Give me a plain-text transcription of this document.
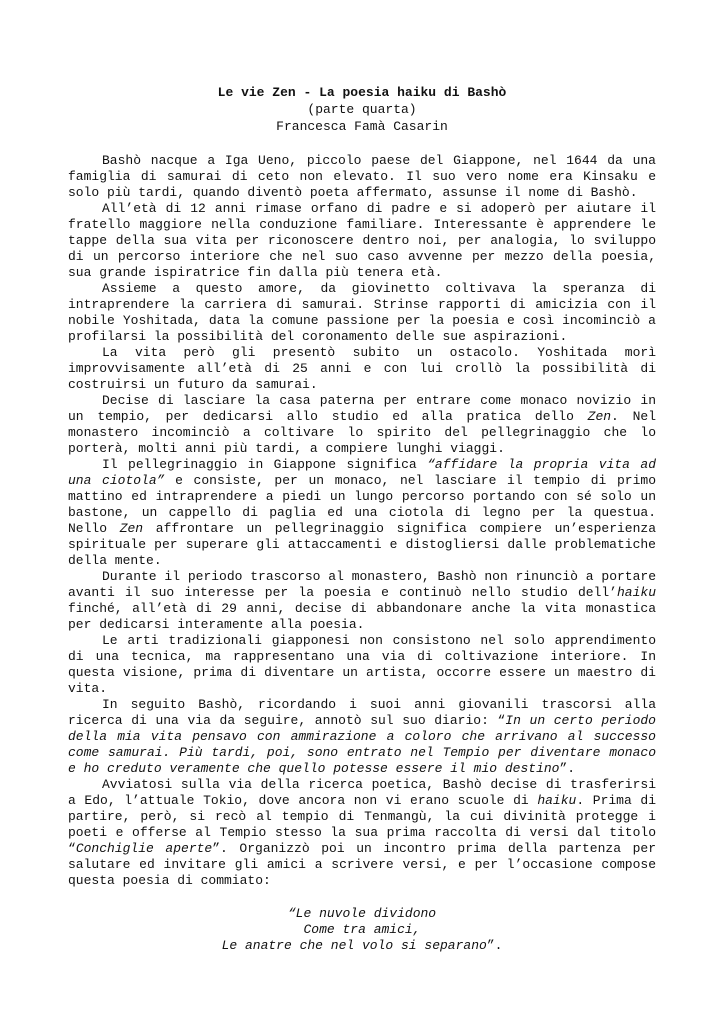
Le vie Zen - La poesia haiku di Bashò
(parte quarta)
Francesca Famà Casarin

Bashò nacque a Iga Ueno, piccolo paese del Giappone, nel 1644 da una famiglia di samurai di ceto non elevato. Il suo vero nome era Kinsaku e solo più tardi, quando diventò poeta affermato, assunse il nome di Bashò.

All’età di 12 anni rimase orfano di padre e si adoperò per aiutare il fratello maggiore nella conduzione familiare. Interessante è apprendere le tappe della sua vita per riconoscere dentro noi, per analogia, lo sviluppo di un percorso interiore che nel suo caso avvenne per mezzo della poesia, sua grande ispiratrice fin dalla più tenera età.

Assieme a questo amore, da giovinetto coltivava la speranza di intraprendere la carriera di samurai. Strinse rapporti di amicizia con il nobile Yoshitada, data la comune passione per la poesia e così incominciò a profilarsi la possibilità del coronamento delle sue aspirazioni.

La vita però gli presentò subito un ostacolo. Yoshitada morì improvvisamente all’età di 25 anni e con lui crollò la possibilità di costruirsi un futuro da samurai.

Decise di lasciare la casa paterna per entrare come monaco novizio in un tempio, per dedicarsi allo studio ed alla pratica dello Zen. Nel monastero incominciò a coltivare lo spirito del pellegrinaggio che lo porterà, molti anni più tardi, a compiere lunghi viaggi.

Il pellegrinaggio in Giappone significa “affidare la propria vita ad una ciotola” e consiste, per un monaco, nel lasciare il tempio di primo mattino ed intraprendere a piedi un lungo percorso portando con sé solo un bastone, un cappello di paglia ed una ciotola di legno per la questua. Nello Zen affrontare un pellegrinaggio significa compiere un’esperienza spirituale per superare gli attaccamenti e distogliersi dalle problematiche della mente.

Durante il periodo trascorso al monastero, Bashò non rinunciò a portare avanti il suo interesse per la poesia e continuò nello studio dell’haiku finché, all’età di 29 anni, decise di abbandonare anche la vita monastica per dedicarsi interamente alla poesia.

Le arti tradizionali giapponesi non consistono nel solo apprendimento di una tecnica, ma rappresentano una via di coltivazione interiore. In questa visione, prima di diventare un artista, occorre essere un maestro di vita.

In seguito Bashò, ricordando i suoi anni giovanili trascorsi alla ricerca di una via da seguire, annotò sul suo diario: “In un certo periodo della mia vita pensavo con ammirazione a coloro che arrivano al successo come samurai. Più tardi, poi, sono entrato nel Tempio per diventare monaco e ho creduto veramente che quello potesse essere il mio destino”.

Avviatosi sulla via della ricerca poetica, Bashò decise di trasferirsi a Edo, l’attuale Tokio, dove ancora non vi erano scuole di haiku. Prima di partire, però, si recò al tempio di Tenmangù, la cui divinità protegge i poeti e offerse al Tempio stesso la sua prima raccolta di versi dal titolo “Conchiglie aperte”. Organizzò poi un incontro prima della partenza per salutare ed invitare gli amici a scrivere versi, e per l’occasione compose questa poesia di commiato:

“Le nuvole dividono
Come tra amici,
Le anatre che nel volo si separano”.
